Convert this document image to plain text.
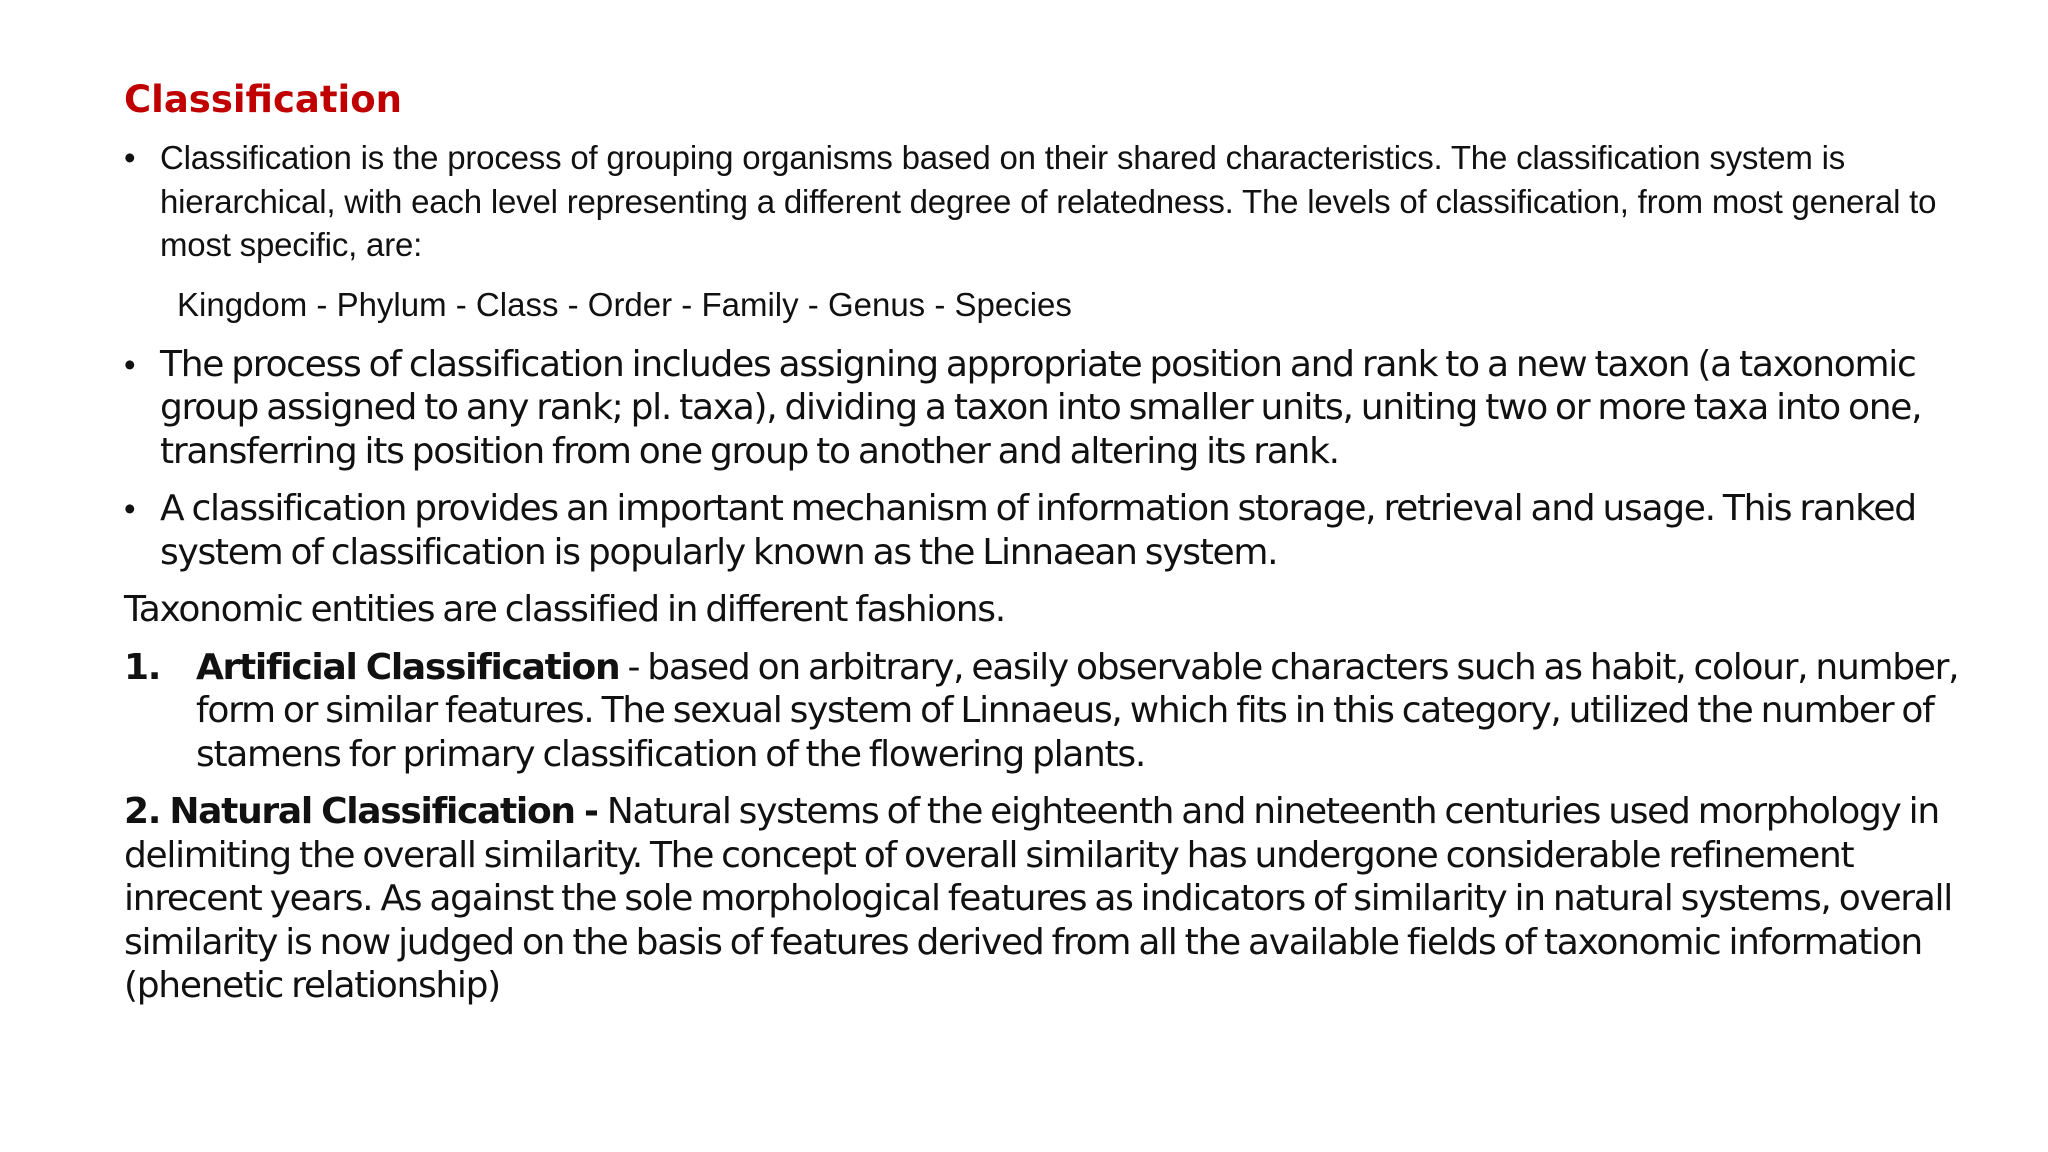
Classification
• Classification is the process of grouping organisms based on their shared characteristics. The classification system is hierarchical, with each level representing a different degree of relatedness. The levels of classification, from most general to most specific, are:
Kingdom - Phylum - Class - Order - Family - Genus - Species
• The process of classification includes assigning appropriate position and rank to a new taxon (a taxonomic group assigned to any rank; pl. taxa), dividing a taxon into smaller units, uniting two or more taxa into one, transferring its position from one group to another and altering its rank.
• A classification provides an important mechanism of information storage, retrieval and usage. This ranked system of classification is popularly known as the Linnaean system.
Taxonomic entities are classified in different fashions.
1. Artificial Classification - based on arbitrary, easily observable characters such as habit, colour, number, form or similar features. The sexual system of Linnaeus, which fits in this category, utilized the number of stamens for primary classification of the flowering plants.
2. Natural Classification - Natural systems of the eighteenth and nineteenth centuries used morphology in delimiting the overall similarity. The concept of overall similarity has undergone considerable refinement inrecent years. As against the sole morphological features as indicators of similarity in natural systems, overall similarity is now judged on the basis of features derived from all the available fields of taxonomic information (phenetic relationship)
